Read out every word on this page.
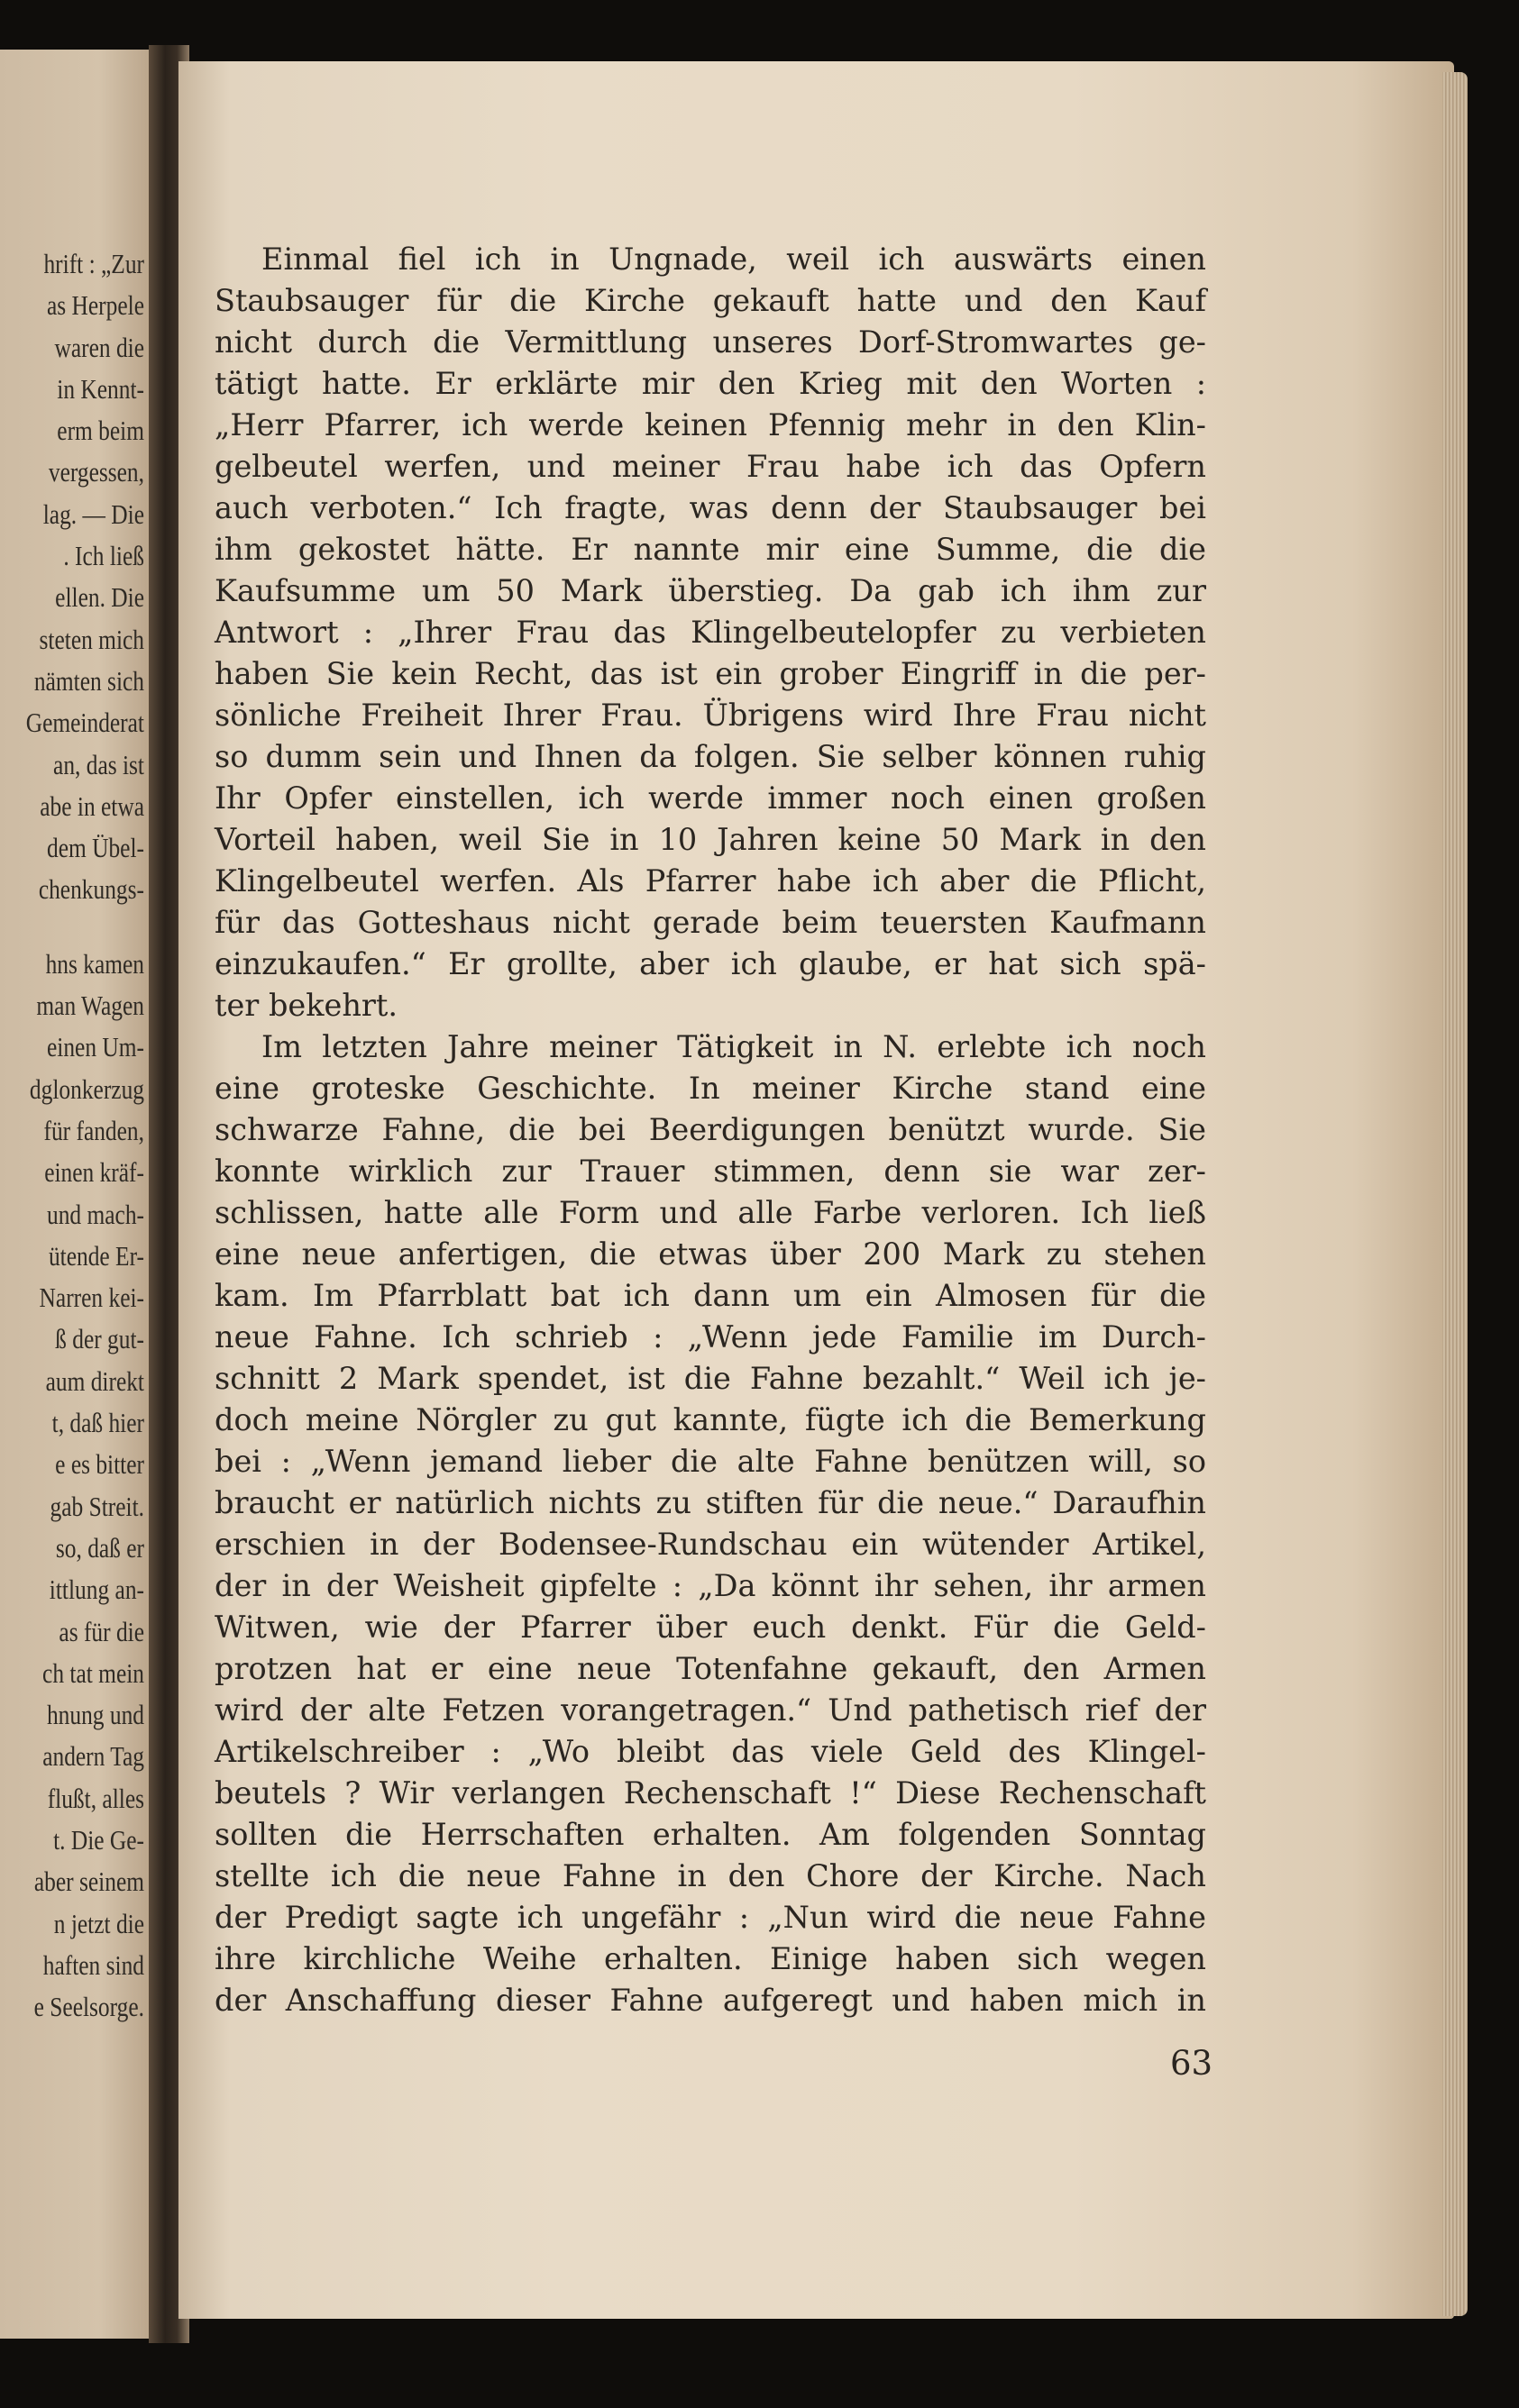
hrift : „Zur
as Herpele
waren die
in Kennt-
erm beim
vergessen,
lag. — Die
. Ich ließ
ellen. Die
steten mich
nämten sich
Gemeinderat
an, das ist
abe in etwa
dem Übel-
chenkungs-
hns kamen
man Wagen
einen Um-
dglonkerzug
für fanden,
einen kräf-
und mach-
ütende Er-
Narren kei-
ß der gut-
aum direkt
t, daß hier
e es bitter
gab Streit.
so, daß er
ittlung an-
as für die
ch tat mein
hnung und
andern Tag
flußt, alles
t. Die Ge-
aber seinem
n jetzt die
haften sind
e Seelsorge.
Einmal fiel ich in Ungnade, weil ich auswärts einen
Staubsauger für die Kirche gekauft hatte und den Kauf
nicht durch die Vermittlung unseres Dorf-Stromwartes ge-
tätigt hatte. Er erklärte mir den Krieg mit den Worten :
„Herr Pfarrer, ich werde keinen Pfennig mehr in den Klin-
gelbeutel werfen, und meiner Frau habe ich das Opfern
auch verboten.“ Ich fragte, was denn der Staubsauger bei
ihm gekostet hätte. Er nannte mir eine Summe, die die
Kaufsumme um 50 Mark überstieg. Da gab ich ihm zur
Antwort : „Ihrer Frau das Klingelbeutelopfer zu verbieten
haben Sie kein Recht, das ist ein grober Eingriff in die per-
sönliche Freiheit Ihrer Frau. Übrigens wird Ihre Frau nicht
so dumm sein und Ihnen da folgen. Sie selber können ruhig
Ihr Opfer einstellen, ich werde immer noch einen großen
Vorteil haben, weil Sie in 10 Jahren keine 50 Mark in den
Klingelbeutel werfen. Als Pfarrer habe ich aber die Pflicht,
für das Gotteshaus nicht gerade beim teuersten Kaufmann
einzukaufen.“ Er grollte, aber ich glaube, er hat sich spä-
ter bekehrt.
Im letzten Jahre meiner Tätigkeit in N. erlebte ich noch
eine groteske Geschichte. In meiner Kirche stand eine
schwarze Fahne, die bei Beerdigungen benützt wurde. Sie
konnte wirklich zur Trauer stimmen, denn sie war zer-
schlissen, hatte alle Form und alle Farbe verloren. Ich ließ
eine neue anfertigen, die etwas über 200 Mark zu stehen
kam. Im Pfarrblatt bat ich dann um ein Almosen für die
neue Fahne. Ich schrieb : „Wenn jede Familie im Durch-
schnitt 2 Mark spendet, ist die Fahne bezahlt.“ Weil ich je-
doch meine Nörgler zu gut kannte, fügte ich die Bemerkung
bei : „Wenn jemand lieber die alte Fahne benützen will, so
braucht er natürlich nichts zu stiften für die neue.“ Daraufhin
erschien in der Bodensee-Rundschau ein wütender Artikel,
der in der Weisheit gipfelte : „Da könnt ihr sehen, ihr armen
Witwen, wie der Pfarrer über euch denkt. Für die Geld-
protzen hat er eine neue Totenfahne gekauft, den Armen
wird der alte Fetzen vorangetragen.“ Und pathetisch rief der
Artikelschreiber : „Wo bleibt das viele Geld des Klingel-
beutels ? Wir verlangen Rechenschaft !“ Diese Rechenschaft
sollten die Herrschaften erhalten. Am folgenden Sonntag
stellte ich die neue Fahne in den Chore der Kirche. Nach
der Predigt sagte ich ungefähr : „Nun wird die neue Fahne
ihre kirchliche Weihe erhalten. Einige haben sich wegen
der Anschaffung dieser Fahne aufgeregt und haben mich in
63
